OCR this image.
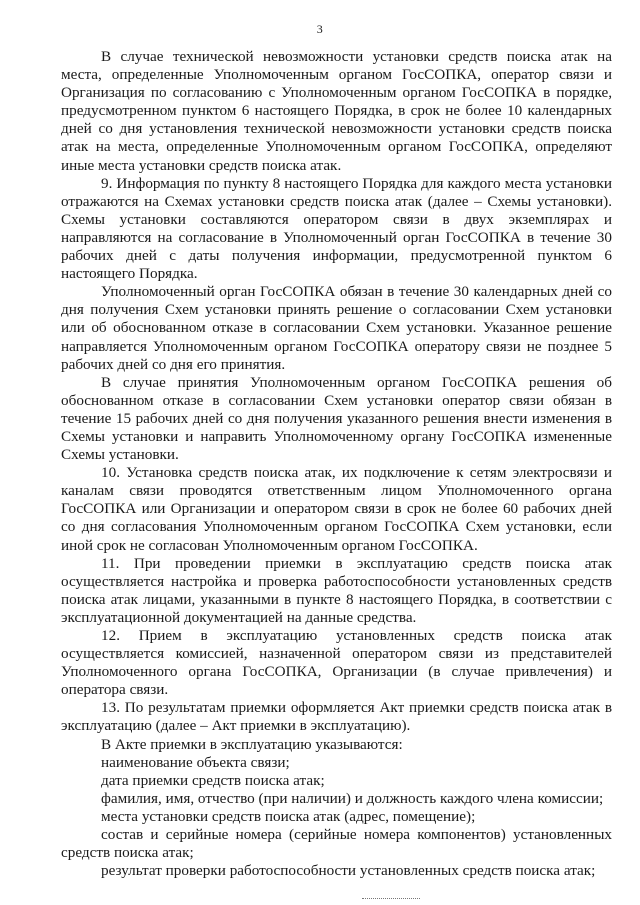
3

В случае технической невозможности установки средств поиска атак на места, определенные Уполномоченным органом ГосСОПКА, оператор связи и Организация по согласованию с Уполномоченным органом ГосСОПКА в порядке, предусмотренном пунктом 6 настоящего Порядка, в срок не более 10 календарных дней со дня установления технической невозможности установки средств поиска атак на места, определенные Уполномоченным органом ГосСОПКА, определяют иные места установки средств поиска атак.

9. Информация по пункту 8 настоящего Порядка для каждого места установки отражаются на Схемах установки средств поиска атак (далее – Схемы установки). Схемы установки составляются оператором связи в двух экземплярах и направляются на согласование в Уполномоченный орган ГосСОПКА в течение 30 рабочих дней с даты получения информации, предусмотренной пунктом 6 настоящего Порядка.

Уполномоченный орган ГосСОПКА обязан в течение 30 календарных дней со дня получения Схем установки принять решение о согласовании Схем установки или об обоснованном отказе в согласовании Схем установки. Указанное решение направляется Уполномоченным органом ГосСОПКА оператору связи не позднее 5 рабочих дней со дня его принятия.

В случае принятия Уполномоченным органом ГосСОПКА решения об обоснованном отказе в согласовании Схем установки оператор связи обязан в течение 15 рабочих дней со дня получения указанного решения внести изменения в Схемы установки и направить Уполномоченному органу ГосСОПКА измененные Схемы установки.

10. Установка средств поиска атак, их подключение к сетям электросвязи и каналам связи проводятся ответственным лицом Уполномоченного органа ГосСОПКА или Организации и оператором связи в срок не более 60 рабочих дней со дня согласования Уполномоченным органом ГосСОПКА Схем установки, если иной срок не согласован Уполномоченным органом ГосСОПКА.

11. При проведении приемки в эксплуатацию средств поиска атак осуществляется настройка и проверка работоспособности установленных средств поиска атак лицами, указанными в пункте 8 настоящего Порядка, в соответствии с эксплуатационной документацией на данные средства.

12. Прием в эксплуатацию установленных средств поиска атак осуществляется комиссией, назначенной оператором связи из представителей Уполномоченного органа ГосСОПКА, Организации (в случае привлечения) и оператора связи.

13. По результатам приемки оформляется Акт приемки средств поиска атак в эксплуатацию (далее – Акт приемки в эксплуатацию).

В Акте приемки в эксплуатацию указываются:

наименование объекта связи;

дата приемки средств поиска атак;

фамилия, имя, отчество (при наличии) и должность каждого члена комиссии;

места установки средств поиска атак (адрес, помещение);

состав и серийные номера (серийные номера компонентов) установленных средств поиска атак;

результат проверки работоспособности установленных средств поиска атак;
